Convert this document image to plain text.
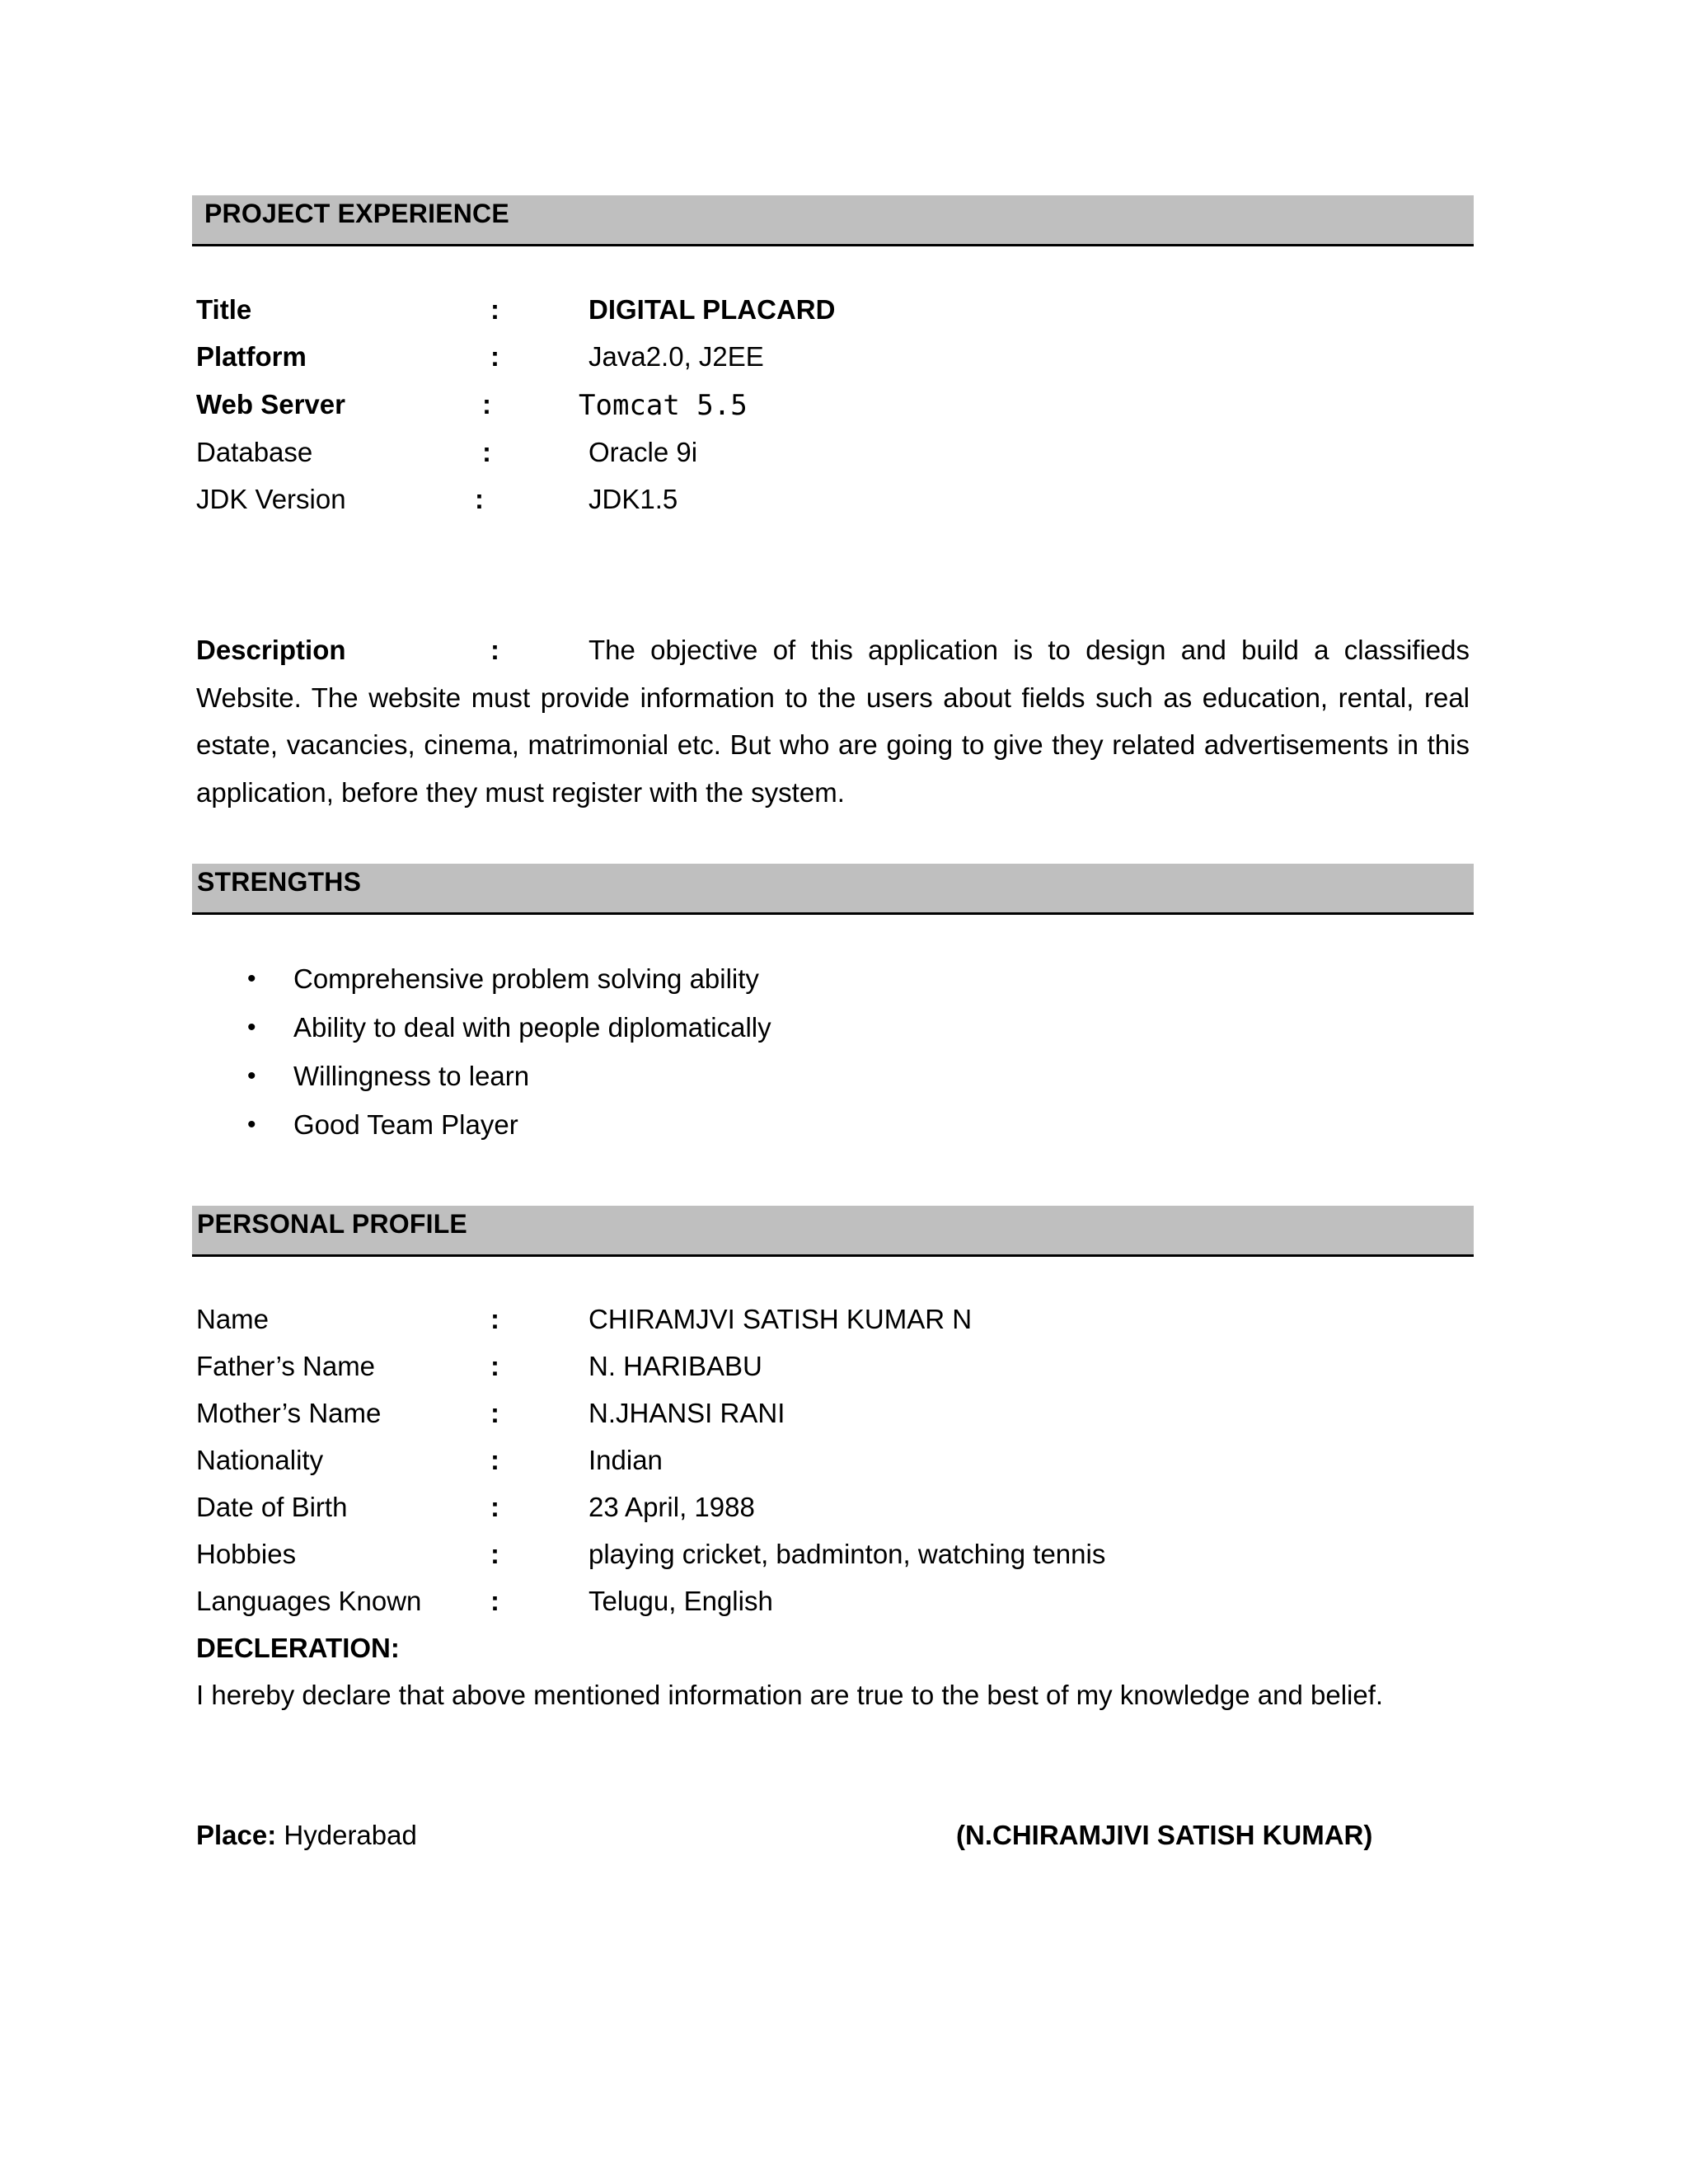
PROJECT EXPERIENCE
Title	:	DIGITAL PLACARD
Platform	:	Java2.0, J2EE
Web Server	:	Tomcat 5.5
Database	:	Oracle 9i
JDK Version	:	JDK1.5

Description	:	The objective of this application is to design and build a classifieds Website. The website must provide information to the users about fields such as education, rental, real estate, vacancies, cinema, matrimonial etc. But who are going to give they related advertisements in this application, before they must register with the system.

STRENGTHS
• Comprehensive problem solving ability
• Ability to deal with people diplomatically
• Willingness to learn
• Good Team Player
PERSONAL PROFILE
Name	:	CHIRAMJVI SATISH KUMAR N
Father’s Name	:	N. HARIBABU
Mother’s Name	:	N.JHANSI RANI
Nationality	:	Indian
Date of Birth	:	23 April, 1988
Hobbies	:	playing cricket, badminton, watching tennis
Languages Known	:	Telugu, English
DECLERATION:
I hereby declare that above mentioned information are true to the best of my knowledge and belief.
Place: Hyderabad	(N.CHIRAMJIVI SATISH KUMAR)
